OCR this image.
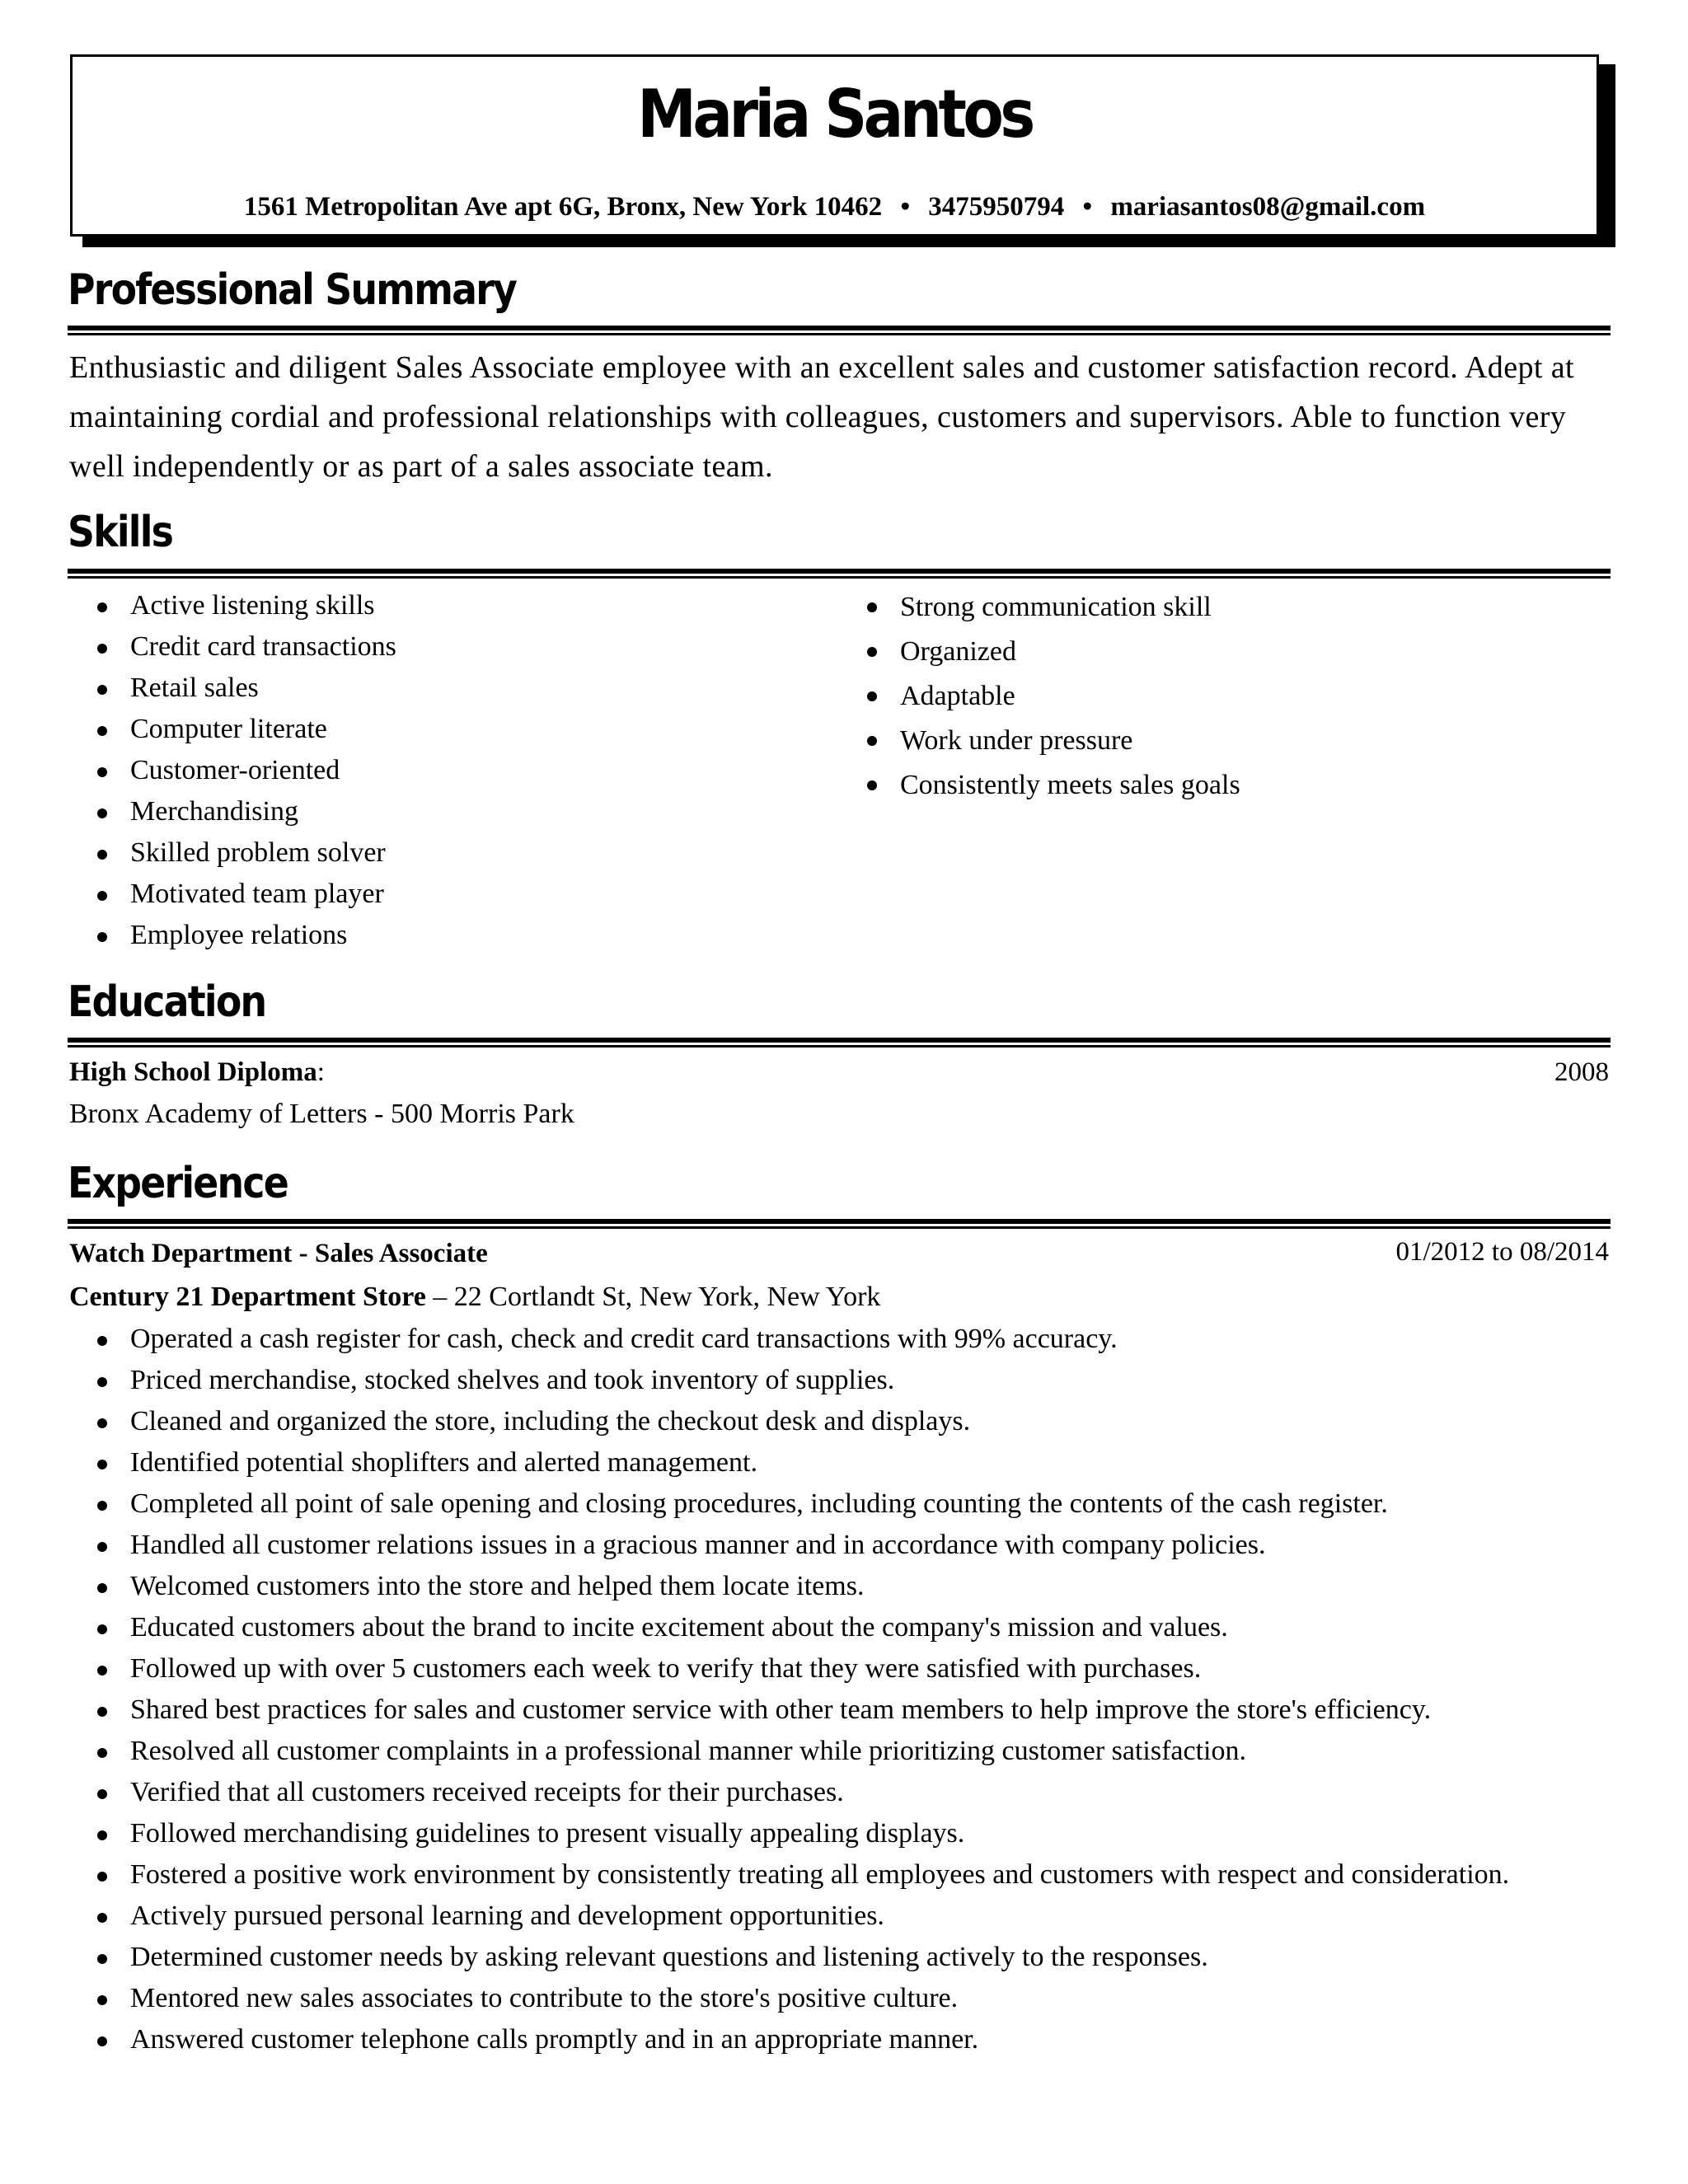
Maria Santos
1561 Metropolitan Ave apt 6G, Bronx, New York 10462 • 3475950794 • mariasantos08@gmail.com
Professional Summary
Enthusiastic and diligent Sales Associate employee with an excellent sales and customer satisfaction record. Adept at maintaining cordial and professional relationships with colleagues, customers and supervisors. Able to function very well independently or as part of a sales associate team.
Skills
Active listening skills
Credit card transactions
Retail sales
Computer literate
Customer-oriented
Merchandising
Skilled problem solver
Motivated team player
Employee relations
Strong communication skill
Organized
Adaptable
Work under pressure
Consistently meets sales goals
Education
High School Diploma:	2008
Bronx Academy of Letters - 500 Morris Park
Experience
Watch Department - Sales Associate	01/2012 to 08/2014
Century 21 Department Store – 22 Cortlandt St, New York, New York
Operated a cash register for cash, check and credit card transactions with 99% accuracy.
Priced merchandise, stocked shelves and took inventory of supplies.
Cleaned and organized the store, including the checkout desk and displays.
Identified potential shoplifters and alerted management.
Completed all point of sale opening and closing procedures, including counting the contents of the cash register.
Handled all customer relations issues in a gracious manner and in accordance with company policies.
Welcomed customers into the store and helped them locate items.
Educated customers about the brand to incite excitement about the company's mission and values.
Followed up with over 5 customers each week to verify that they were satisfied with purchases.
Shared best practices for sales and customer service with other team members to help improve the store's efficiency.
Resolved all customer complaints in a professional manner while prioritizing customer satisfaction.
Verified that all customers received receipts for their purchases.
Followed merchandising guidelines to present visually appealing displays.
Fostered a positive work environment by consistently treating all employees and customers with respect and consideration.
Actively pursued personal learning and development opportunities.
Determined customer needs by asking relevant questions and listening actively to the responses.
Mentored new sales associates to contribute to the store's positive culture.
Answered customer telephone calls promptly and in an appropriate manner.
